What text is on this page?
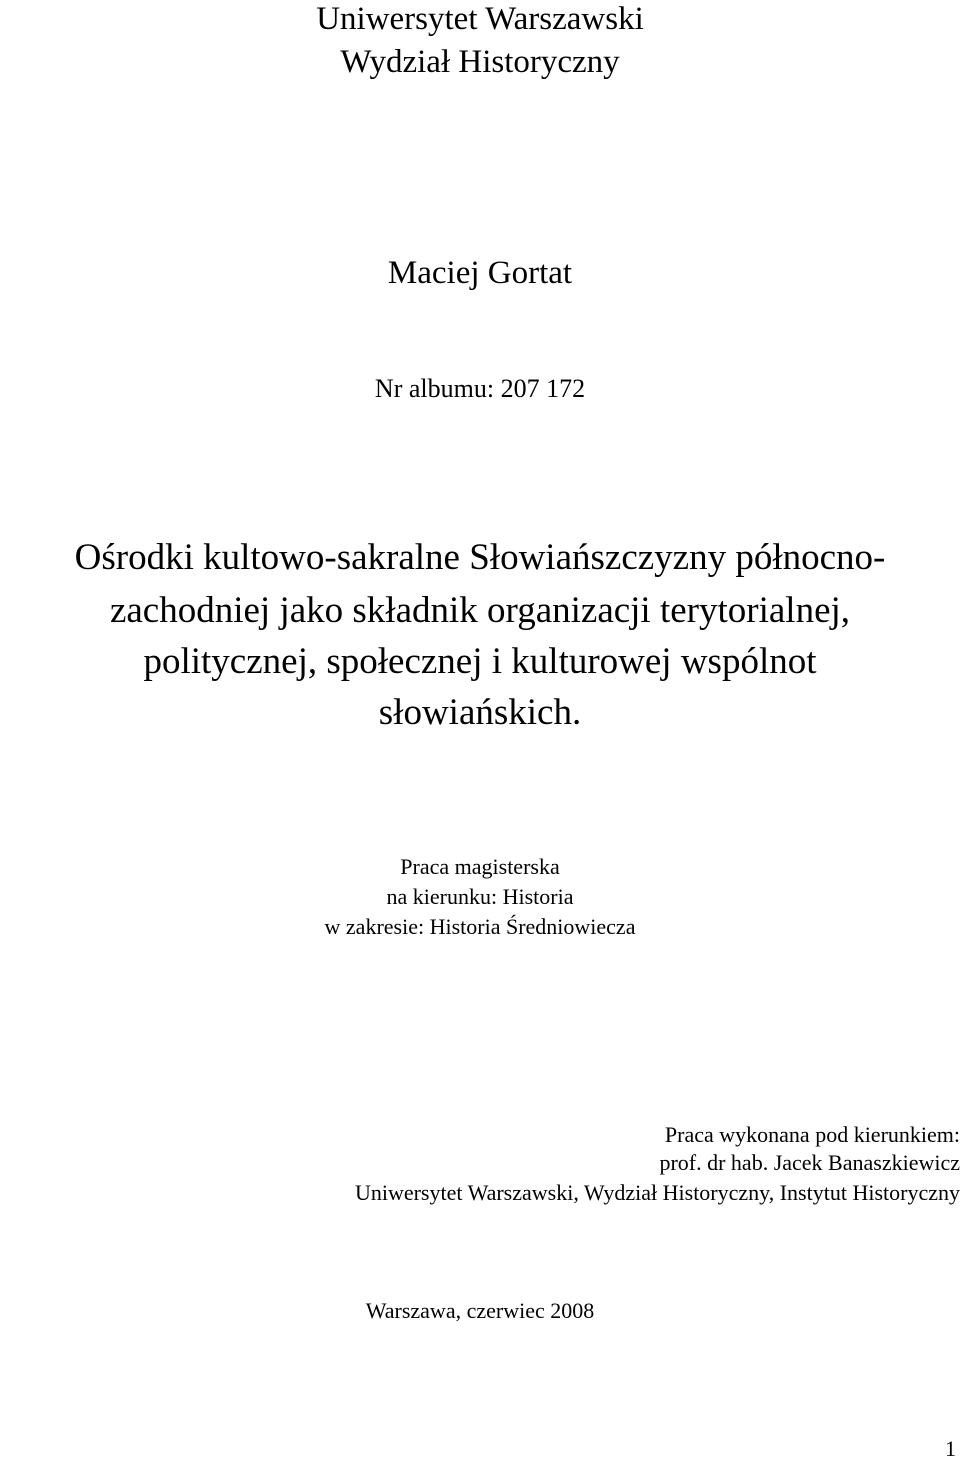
Uniwersytet Warszawski
Wydział Historyczny
Maciej Gortat
Nr albumu: 207 172
Ośrodki kultowo-sakralne Słowiańszczyzny północno-
zachodniej jako składnik organizacji terytorialnej,
politycznej, społecznej i kulturowej wspólnot
słowiańskich.
Praca magisterska
na kierunku: Historia
w zakresie: Historia Średniowiecza
Praca wykonana pod kierunkiem:
prof. dr hab. Jacek Banaszkiewicz
Uniwersytet Warszawski, Wydział Historyczny, Instytut Historyczny
Warszawa, czerwiec 2008
1
